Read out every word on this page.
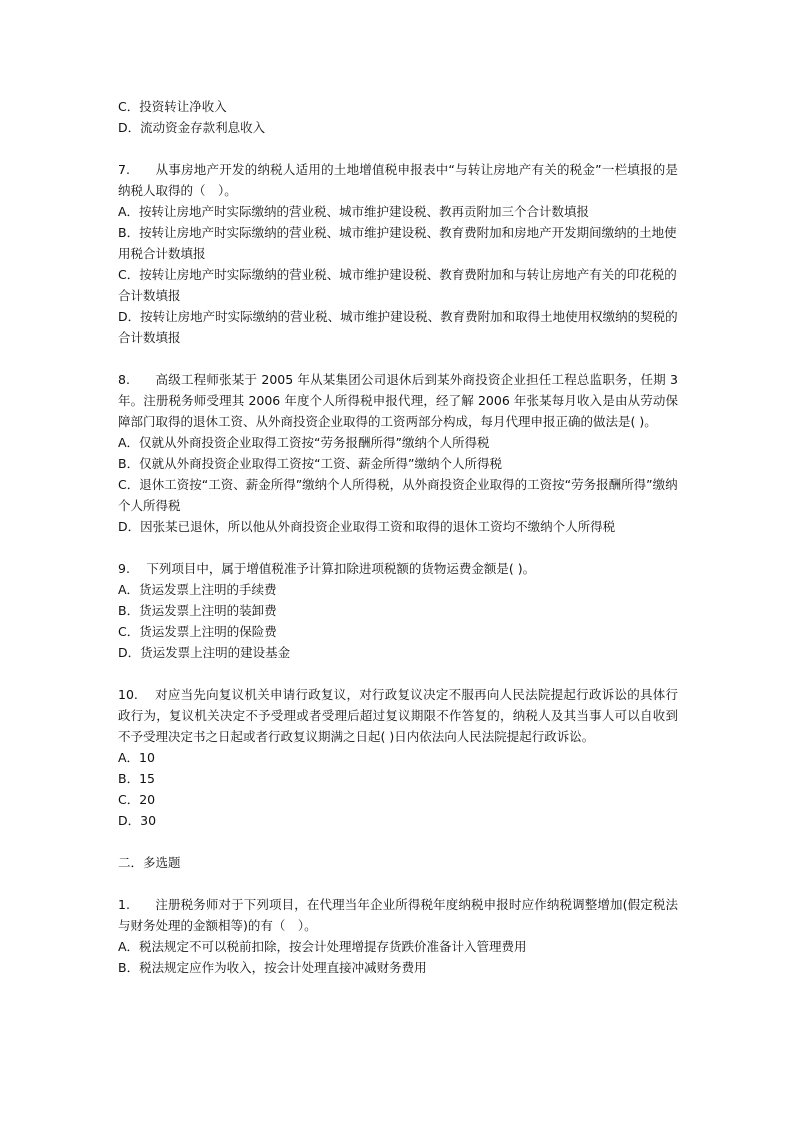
C．投资转让净收入
D．流动资金存款利息收入
7.　　从事房地产开发的纳税人适用的土地增值税申报表中“与转让房地产有关的税金”一栏填报的是纳税人取得的（　）。
A．按转让房地产时实际缴纳的营业税、城市维护建设税、教再贡附加三个合计数填报
B．按转让房地产时实际缴纳的营业税、城市维护建设税、教育费附加和房地产开发期间缴纳的土地使用税合计数填报
C．按转让房地产时实际缴纳的营业税、城市维护建设税、教育费附加和与转让房地产有关的印花税的合计数填报
D．按转让房地产时实际缴纳的营业税、城市维护建设税、教育费附加和取得土地使用权缴纳的契税的合计数填报
8.　　高级工程师张某于 2005 年从某集团公司退休后到某外商投资企业担任工程总监职务，任期 3 年。注册税务师受理其 2006 年度个人所得税申报代理，经了解 2006 年张某每月收入是由从劳动保障部门取得的退休工资、从外商投资企业取得的工资两部分构成，每月代理申报正确的做法是( )。
A．仅就从外商投资企业取得工资按“劳务报酬所得”缴纳个人所得税
B．仅就从外商投资企业取得工资按“工资、薪金所得”缴纳个人所得税
C．退休工资按“工资、薪金所得”缴纳个人所得税，从外商投资企业取得的工资按“劳务报酬所得”缴纳个人所得税
D．因张某已退休，所以他从外商投资企业取得工资和取得的退休工资均不缴纳个人所得税
9.　 下列项目中，属于增值税准予计算扣除进项税额的货物运费金额是( )。
A．货运发票上注明的手续费
B．货运发票上注明的装卸费
C．货运发票上注明的保险费
D．货运发票上注明的建设基金
10.　 对应当先向复议机关申请行政复议，对行政复议决定不服再向人民法院提起行政诉讼的具体行政行为，复议机关决定不予受理或者受理后超过复议期限不作答复的，纳税人及其当事人可以自收到不予受理决定书之日起或者行政复议期满之日起( )日内依法向人民法院提起行政诉讼。
A．10
B．15
C．20
D．30
二．多选题
1.　　注册税务师对于下列项目，在代理当年企业所得税年度纳税申报时应作纳税调整增加(假定税法与财务处理的金额相等)的有（　）。
A．税法规定不可以税前扣除，按会计处理增提存货跌价准备计入管理费用
B．税法规定应作为收入，按会计处理直接冲减财务费用
